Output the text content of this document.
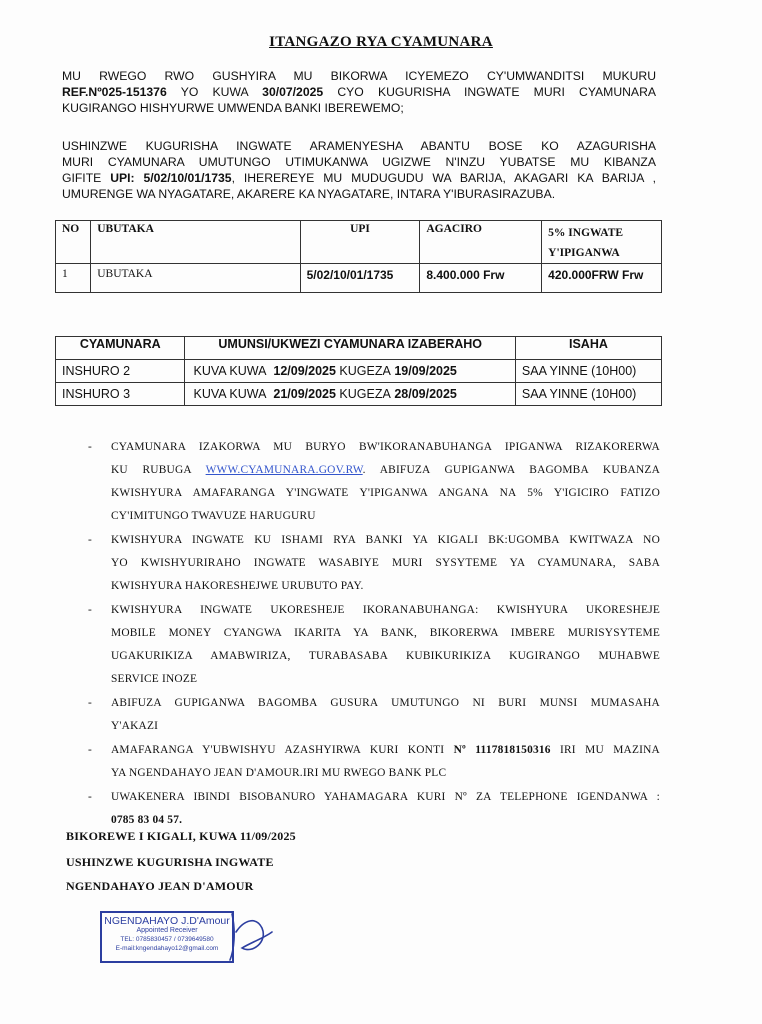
ITANGAZO RYA CYAMUNARA
MU RWEGO RWO GUSHYIRA MU BIKORWA ICYEMEZO CY'UMWANDITSI MUKURU
REF.Nº025-151376 YO KUWA 30/07/2025 CYO KUGURISHA INGWATE MURI CYAMUNARA
KUGIRANGO HISHYURWE UMWENDA BANKI IBEREWEMO;
USHINZWE KUGURISHA INGWATE ARAMENYESHA ABANTU BOSE KO AZAGURISHA
MURI CYAMUNARA UMUTUNGO UTIMUKANWA UGIZWE N'INZU YUBATSE MU KIBANZA
GIFITE UPI: 5/02/10/01/1735, IHEREREYE MU MUDUGUDU WA BARIJA, AKAGARI KA BARIJA ,
UMURENGE WA NYAGATARE, AKARERE KA NYAGATARE, INTARA Y'IBURASIRAZUBA.
NO	UBUTAKA	UPI	AGACIRO	5% INGWATE Y'IPIGANWA
1	UBUTAKA	5/02/10/01/1735	8.400.000 Frw	420.000FRW Frw
CYAMUNARA	UMUNSI/UKWEZI CYAMUNARA IZABERAHO	ISAHA
INSHURO 2	KUVA KUWA 12/09/2025 KUGEZA 19/09/2025	SAA YINNE (10H00)
INSHURO 3	KUVA KUWA 21/09/2025 KUGEZA 28/09/2025	SAA YINNE (10H00)
- CYAMUNARA IZAKORWA MU BURYO BW'IKORANABUHANGA IPIGANWA RIZAKORERWA
KU RUBUGA WWW.CYAMUNARA.GOV.RW. ABIFUZA GUPIGANWA BAGOMBA KUBANZA
KWISHYURA AMAFARANGA Y'INGWATE Y'IPIGANWA ANGANA NA 5% Y'IGICIRO FATIZO
CY'IMITUNGO TWAVUZE HARUGURU
- KWISHYURA INGWATE KU ISHAMI RYA BANKI YA KIGALI BK:UGOMBA KWITWAZA NO
YO KWISHYURIRAHO INGWATE WASABIYE MURI SYSYTEME YA CYAMUNARA, SABA
KWISHYURA HAKORESHEJWE URUBUTO PAY.
- KWISHYURA INGWATE UKORESHEJE IKORANABUHANGA: KWISHYURA UKORESHEJE
MOBILE MONEY CYANGWA IKARITA YA BANK, BIKORERWA IMBERE MURISYSYTEME
UGAKURIKIZA AMABWIRIZA, TURABASABA KUBIKURIKIZA KUGIRANGO MUHABWE
SERVICE INOZE
- ABIFUZA GUPIGANWA BAGOMBA GUSURA UMUTUNGO NI BURI MUNSI MUMASAHA
Y'AKAZI
- AMAFARANGA Y'UBWISHYU AZASHYIRWA KURI KONTI Nº 1117818150316 IRI MU MAZINA
YA NGENDAHAYO JEAN D'AMOUR.IRI MU RWEGO BANK PLC
- UWAKENERA IBINDI BISOBANURO YAHAMAGARA KURI Nº ZA TELEPHONE IGENDANWA :
0785 83 04 57.
BIKOREWE I KIGALI, KUWA 11/09/2025
USHINZWE KUGURISHA INGWATE
NGENDAHAYO JEAN D'AMOUR
NGENDAHAYO J.D'Amour
Appointed Receiver
TEL: 0785830457 / 0739649580
E-mail:kngendahayo12@gmail.com
